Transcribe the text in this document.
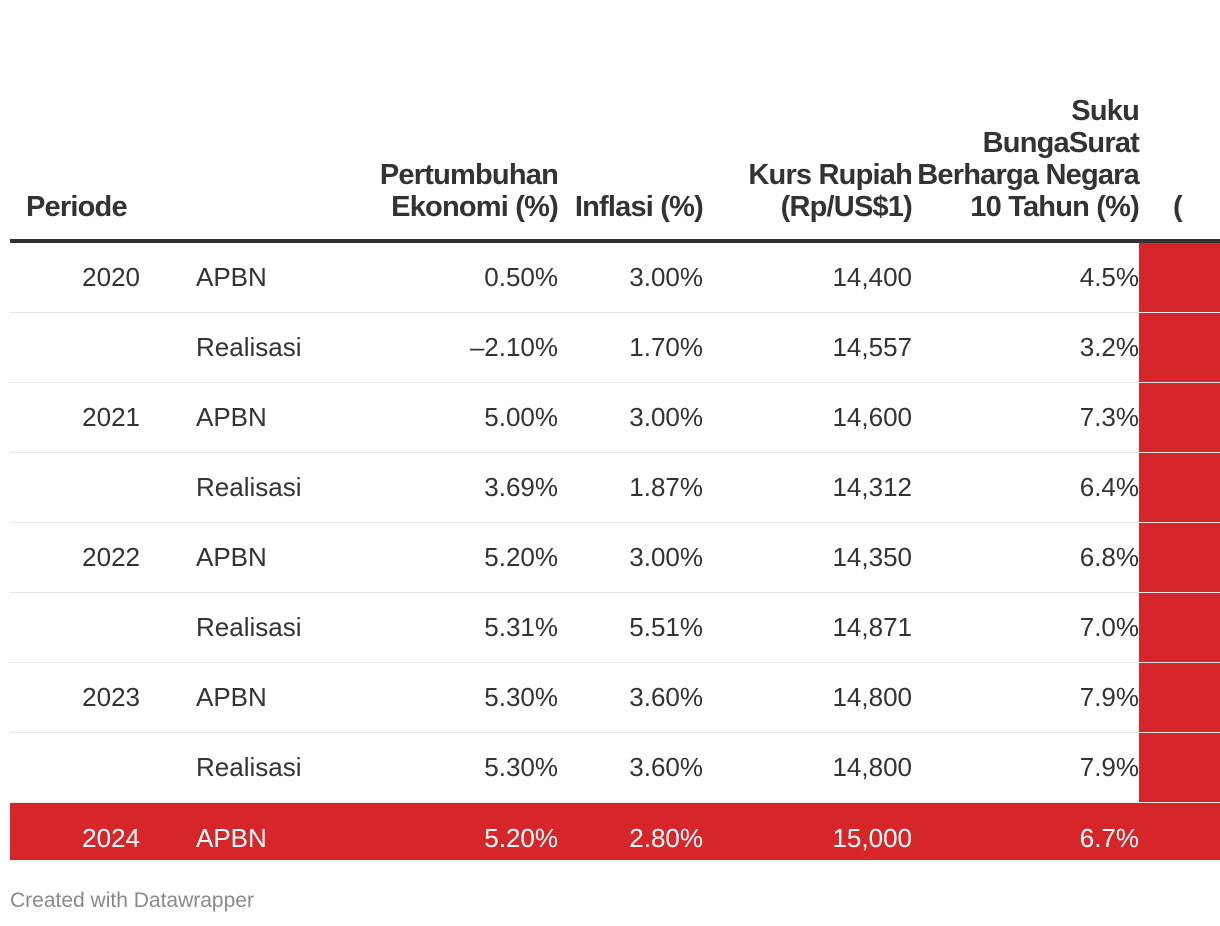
Periode		Pertumbuhan Ekonomi (%)	Inflasi (%)	Kurs Rupiah (Rp/US$1)	Suku BungaSurat Berharga Negara 10 Tahun (%)	(
2020	APBN	0.50%	3.00%	14,400	4.5%	
	Realisasi	–2.10%	1.70%	14,557	3.2%	
2021	APBN	5.00%	3.00%	14,600	7.3%	
	Realisasi	3.69%	1.87%	14,312	6.4%	
2022	APBN	5.20%	3.00%	14,350	6.8%	
	Realisasi	5.31%	5.51%	14,871	7.0%	
2023	APBN	5.30%	3.60%	14,800	7.9%	
	Realisasi	5.30%	3.60%	14,800	7.9%	
2024	APBN	5.20%	2.80%	15,000	6.7%	
Created with Datawrapper
